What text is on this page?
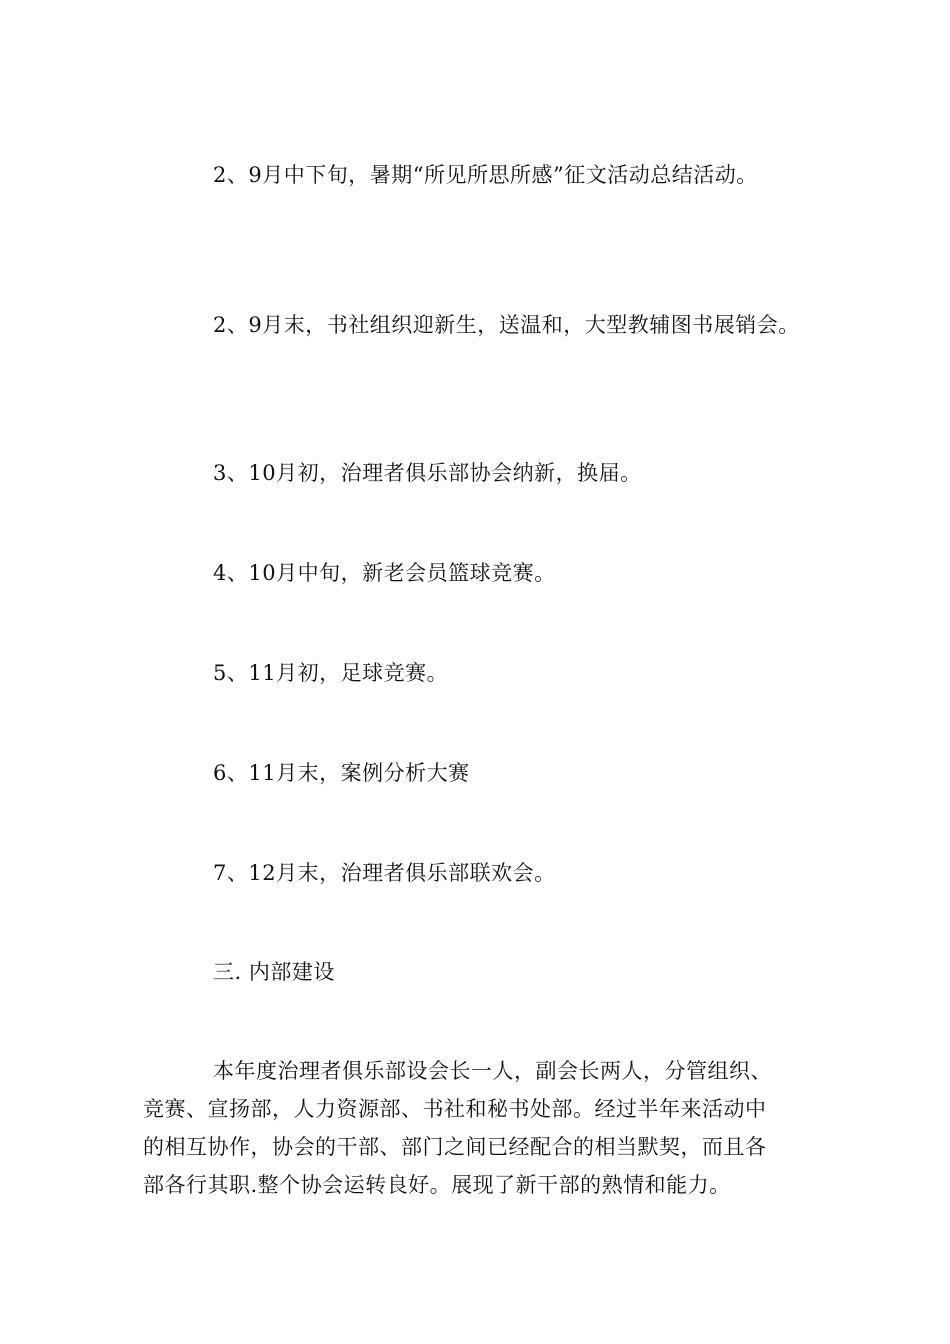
2、9月中下旬，暑期“所见所思所感”征文活动总结活动。
2、9月末，书社组织迎新生，送温和，大型教辅图书展销会。
3、10月初，治理者俱乐部协会纳新，换届。
4、10月中旬，新老会员篮球竞赛。
5、11月初，足球竞赛。
6、11月末，案例分析大赛
7、12月末，治理者俱乐部联欢会。
三. 内部建设

本年度治理者俱乐部设会长一人，副会长两人，分管组织、

竞赛、宣扬部，人力资源部、书社和秘书处部。经过半年来活动中

的相互协作，协会的干部、部门之间已经配合的相当默契，而且各

部各行其职.整个协会运转良好。展现了新干部的熟情和能力。
